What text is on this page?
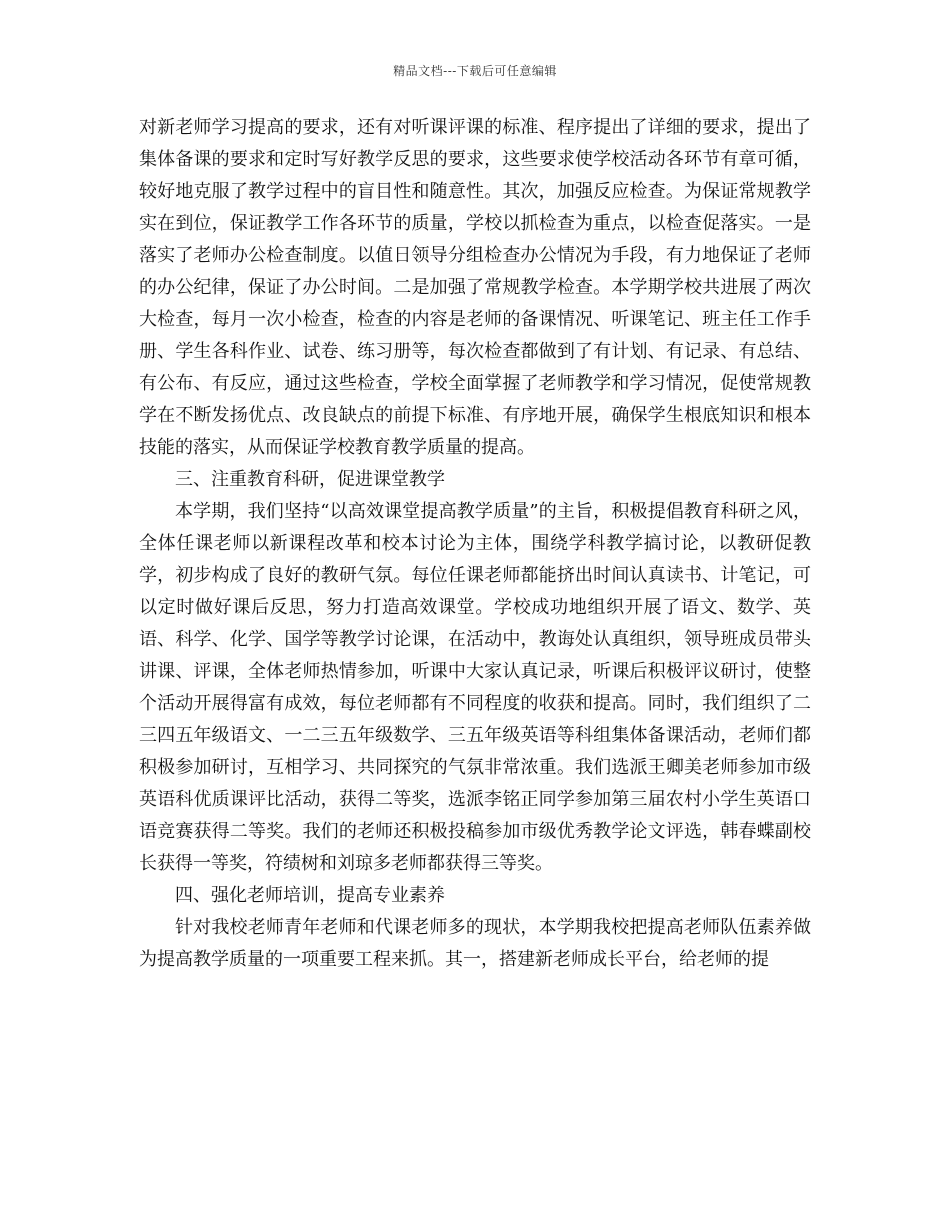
精品文档---下载后可任意编辑

对新老师学习提高的要求，还有对听课评课的标准、程序提出了详细的要求，提出了集体备课的要求和定时写好教学反思的要求，这些要求使学校活动各环节有章可循，较好地克服了教学过程中的盲目性和随意性。其次，加强反应检查。为保证常规教学实在到位，保证教学工作各环节的质量，学校以抓检查为重点，以检查促落实。一是落实了老师办公检查制度。以值日领导分组检查办公情况为手段，有力地保证了老师的办公纪律，保证了办公时间。二是加强了常规教学检查。本学期学校共进展了两次大检查，每月一次小检查，检查的内容是老师的备课情况、听课笔记、班主任工作手册、学生各科作业、试卷、练习册等，每次检查都做到了有计划、有记录、有总结、有公布、有反应，通过这些检查，学校全面掌握了老师教学和学习情况，促使常规教学在不断发扬优点、改良缺点的前提下标准、有序地开展，确保学生根底知识和根本技能的落实，从而保证学校教育教学质量的提高。

三、注重教育科研，促进课堂教学

本学期，我们坚持“以高效课堂提高教学质量”的主旨，积极提倡教育科研之风，全体任课老师以新课程改革和校本讨论为主体，围绕学科教学搞讨论，以教研促教学，初步构成了良好的教研气氛。每位任课老师都能挤出时间认真读书、计笔记，可以定时做好课后反思，努力打造高效课堂。学校成功地组织开展了语文、数学、英语、科学、化学、国学等教学讨论课，在活动中，教诲处认真组织，领导班成员带头讲课、评课，全体老师热情参加，听课中大家认真记录，听课后积极评议研讨，使整个活动开展得富有成效，每位老师都有不同程度的收获和提高。同时，我们组织了二三四五年级语文、一二三五年级数学、三五年级英语等科组集体备课活动，老师们都积极参加研讨，互相学习、共同探究的气氛非常浓重。我们选派王卿美老师参加市级英语科优质课评比活动，获得二等奖，选派李铭正同学参加第三届农村小学生英语口语竞赛获得二等奖。我们的老师还积极投稿参加市级优秀教学论文评选，韩春蝶副校长获得一等奖，符绩树和刘琼多老师都获得三等奖。

四、强化老师培训，提高专业素养

针对我校老师青年老师和代课老师多的现状，本学期我校把提高老师队伍素养做为提高教学质量的一项重要工程来抓。其一，搭建新老师成长平台，给老师的提
